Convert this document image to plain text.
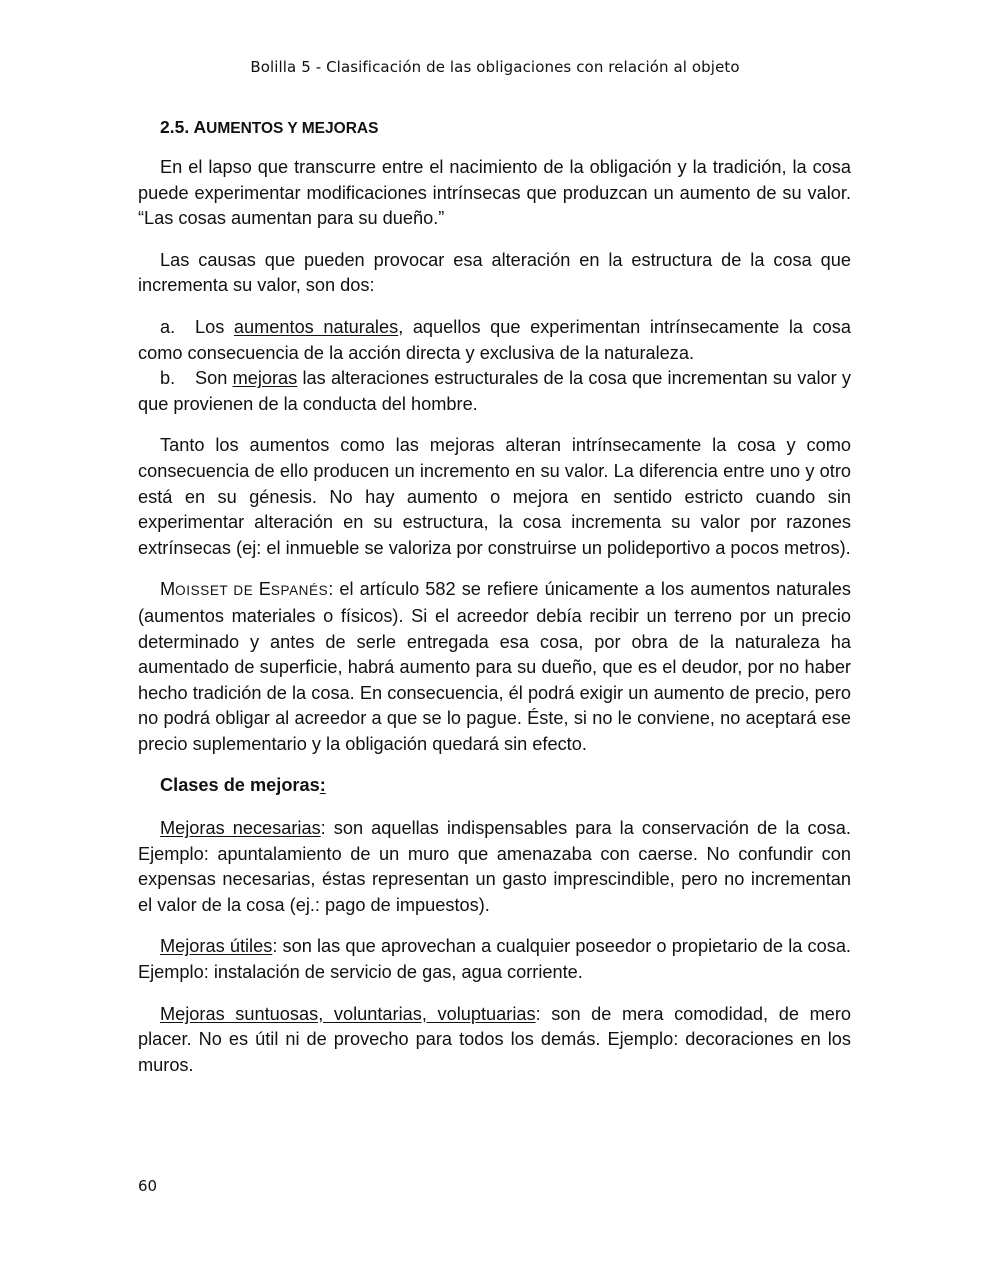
Bolilla 5 - Clasificación de las obligaciones con relación al objeto
2.5. AUMENTOS Y MEJORAS

En el lapso que transcurre entre el nacimiento de la obligación y la tradición, la cosa puede experimentar modificaciones intrínsecas que produzcan un aumento de su valor. “Las cosas aumentan para su dueño.”

Las causas que pueden provocar esa alteración en la estructura de la cosa que incrementa su valor, son dos:

a. Los aumentos naturales, aquellos que experimentan intrínsecamente la cosa como consecuencia de la acción directa y exclusiva de la naturaleza.
b. Son mejoras las alteraciones estructurales de la cosa que incrementan su valor y que provienen de la conducta del hombre.

Tanto los aumentos como las mejoras alteran intrínsecamente la cosa y como consecuencia de ello producen un incremento en su valor. La diferencia entre uno y otro está en su génesis. No hay aumento o mejora en sentido estricto cuando sin experimentar alteración en su estructura, la cosa incrementa su valor por razones extrínsecas (ej: el inmueble se valoriza por construirse un polideportivo a pocos metros).

MOISSET DE ESPANÉS: el artículo 582 se refiere únicamente a los aumentos naturales (aumentos materiales o físicos). Si el acreedor debía recibir un terreno por un precio determinado y antes de serle entregada esa cosa, por obra de la naturaleza ha aumentado de superficie, habrá aumento para su dueño, que es el deudor, por no haber hecho tradición de la cosa. En consecuencia, él podrá exigir un aumento de precio, pero no podrá obligar al acreedor a que se lo pague. Éste, si no le conviene, no aceptará ese precio suplementario y la obligación quedará sin efecto.

Clases de mejoras:

Mejoras necesarias: son aquellas indispensables para la conservación de la cosa. Ejemplo: apuntalamiento de un muro que amenazaba con caerse. No confundir con expensas necesarias, éstas representan un gasto imprescindible, pero no incrementan el valor de la cosa (ej.: pago de impuestos).

Mejoras útiles: son las que aprovechan a cualquier poseedor o propietario de la cosa. Ejemplo: instalación de servicio de gas, agua corriente.

Mejoras suntuosas, voluntarias, voluptuarias: son de mera comodidad, de mero placer. No es útil ni de provecho para todos los demás. Ejemplo: decoraciones en los muros.

60
